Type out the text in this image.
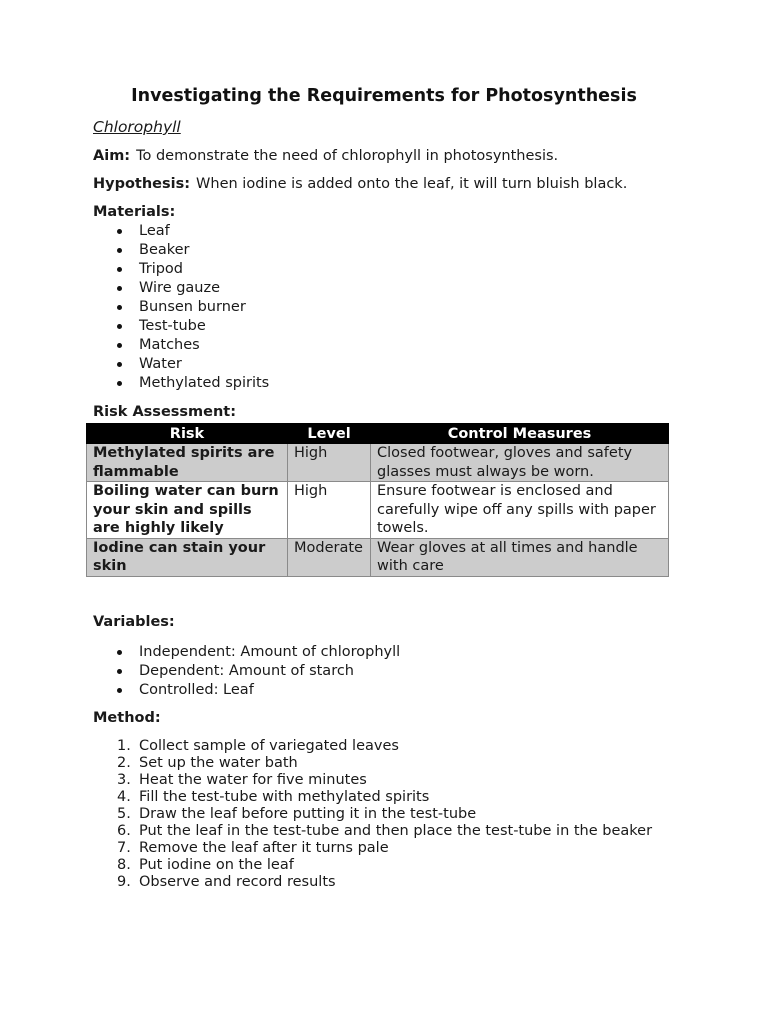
Investigating the Requirements for Photosynthesis
Chlorophyll
Aim: To demonstrate the need of chlorophyll in photosynthesis.
Hypothesis: When iodine is added onto the leaf, it will turn bluish black.
Materials:
Leaf
Beaker
Tripod
Wire gauze
Bunsen burner
Test-tube
Matches
Water
Methylated spirits
Risk Assessment:
Risk	Level	Control Measures
Methylated spirits are flammable	High	Closed footwear, gloves and safety glasses must always be worn.
Boiling water can burn your skin and spills are highly likely	High	Ensure footwear is enclosed and carefully wipe off any spills with paper towels.
Iodine can stain your skin	Moderate	Wear gloves at all times and handle with care
Variables:
Independent: Amount of chlorophyll
Dependent: Amount of starch
Controlled: Leaf
Method:
1. Collect sample of variegated leaves
2. Set up the water bath
3. Heat the water for five minutes
4. Fill the test-tube with methylated spirits
5. Draw the leaf before putting it in the test-tube
6. Put the leaf in the test-tube and then place the test-tube in the beaker
7. Remove the leaf after it turns pale
8. Put iodine on the leaf
9. Observe and record results
